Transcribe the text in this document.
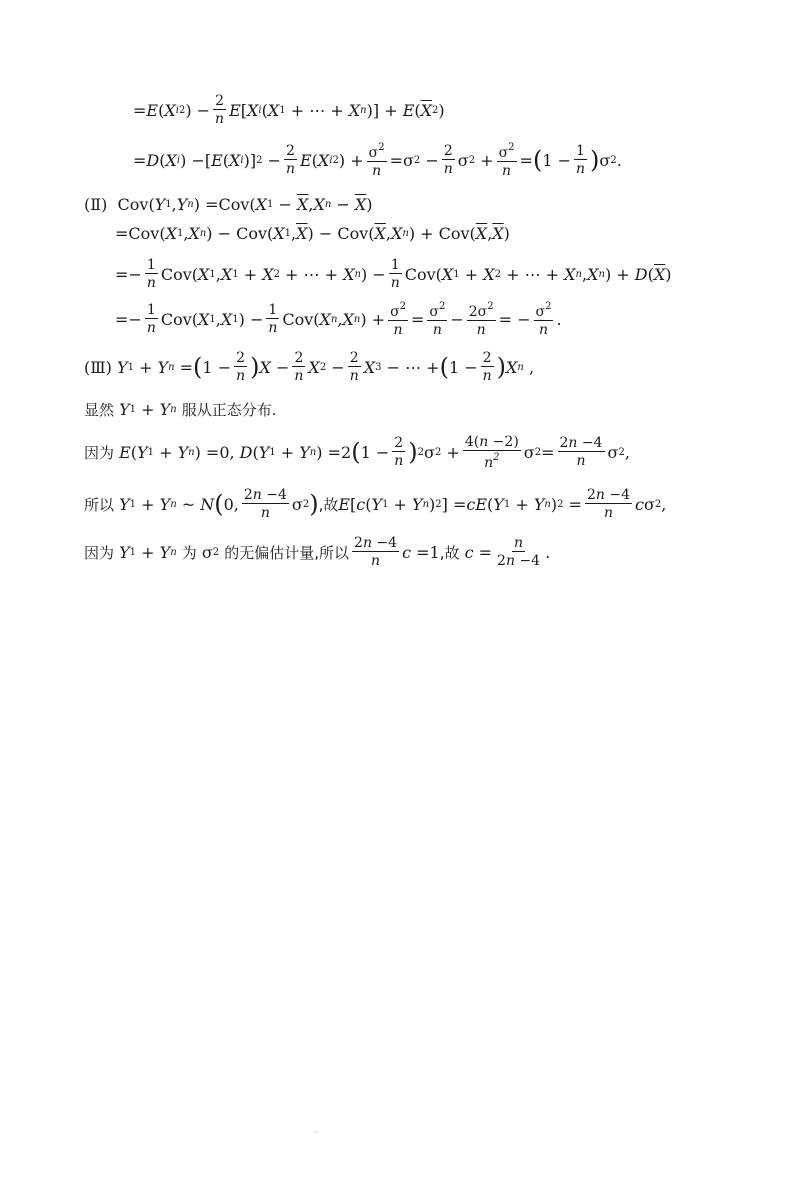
= E ( X i 2 ) − $\frac{2}{n}$ E [ X i ( X 1 + ⋯ + X n )] + E ( $\overline{X}$ 2 )
= D ( X i ) −[ E ( X i )] $2 - \frac{2}{n}$ E ( X i 2 ) + $\frac{\sigma^2}{n} =\sigma$ $2 - \frac{2}{n}$ σ $2 + \frac{\sigma^2}{n}$ = ( $1 - \frac{1}{n}$ ) σ 2 .
(Ⅱ) Cov( Y 1 , Y n ) =Cov( X $1 - \overline{X}$ , X $n - \overline{X}$ )
=Cov( X 1 , X n ) − Cov( X 1 , $\overline{X}$ ) − Cov( $\overline{X}$ , X n ) + Cov( $\overline{X}$ , $\overline{X}$ )
=− $\frac{1}{n} Cov$( X 1 , X 1 + X 2 + ⋯ + X n ) − $\frac{1}{n} Cov$( X 1 + X 2 + ⋯ + X n , X n ) + D ( $\overline{X}$ )
=− $\frac{1}{n} Cov$( X 1 , X 1 ) − $\frac{1}{n} Cov$( X n , X n ) + $\frac{\sigma^2}{n} = \frac{\sigma^2}{n} - \frac{2\sigma^2}{n}$ = − $\frac{\sigma^2}{n}$ .
(Ⅲ)
Y 1 + Y n = ( $1 - \frac{2}{n}$ ) $X - \frac{2}{n}$ X $2 - \frac{2}{n}$ X 3 − ⋯ + ( $1 - \frac{2}{n}$ ) X n ,
显然
Y 1 + Y n
服从正态分布.
因为
E ( Y 1 + Y n ) =0, D ( Y 1 + Y n ) =2 ( $1 - \frac{2}{n}$ ) 2 σ $2 + \frac{4(n -2)}{n^2}$ σ $2 = \frac{2n -4}{n}$ σ 2 ,
所以
Y 1 + Y n ~ N ( 0, $\frac{2n -4}{n}$ σ 2 ) ,故 E [ c ( Y 1 + Y n ) 2 ] = cE ( Y 1 + Y n ) $2 = \frac{2n -4}{n}$ c σ 2 ,
因为
Y 1 + Y n
为 σ 2
的无偏估计量,所以 $\frac{2n -4}{n}$ c =1 ,故
$c = \frac{n}{2n -4}$ .
